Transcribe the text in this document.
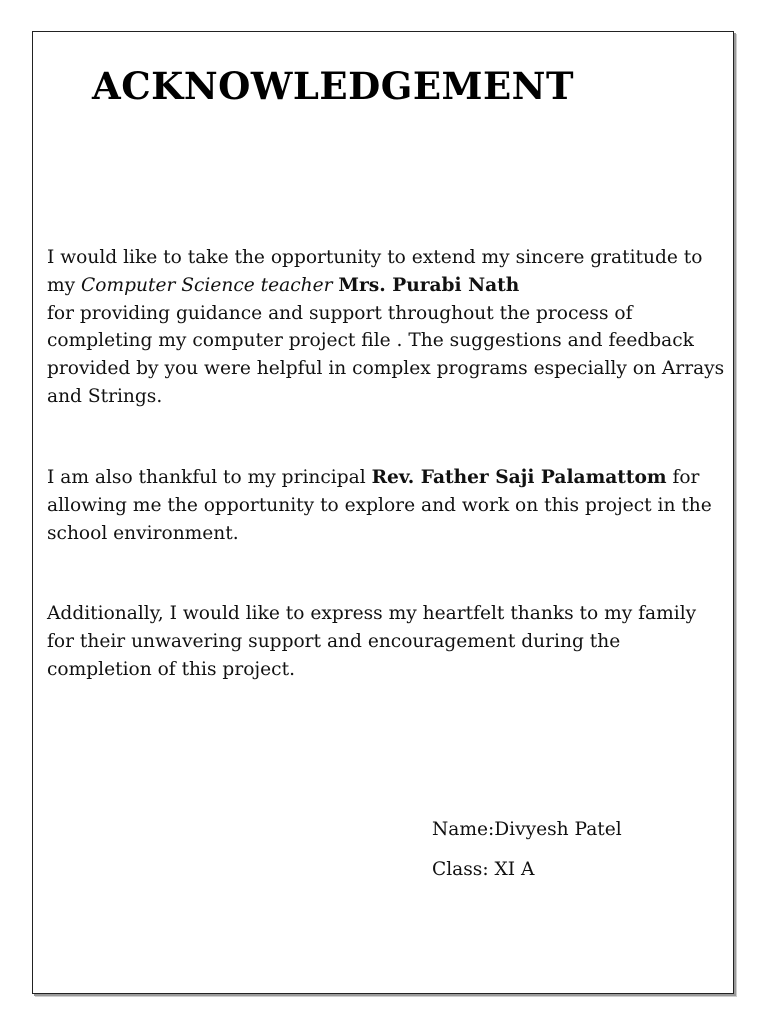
ACKNOWLEDGEMENT

I would like to take the opportunity to extend my sincere gratitude to my Computer Science teacher Mrs. Purabi Nath
for providing guidance and support throughout the process of completing my computer project file . The suggestions and feedback provided by you were helpful in complex programs especially on Arrays and Strings.

I am also thankful to my principal Rev. Father Saji Palamattom for allowing me the opportunity to explore and work on this project in the school environment.

Additionally, I would like to express my heartfelt thanks to my family for their unwavering support and encouragement during the completion of this project.

Name:Divyesh Patel

Class: XI A
